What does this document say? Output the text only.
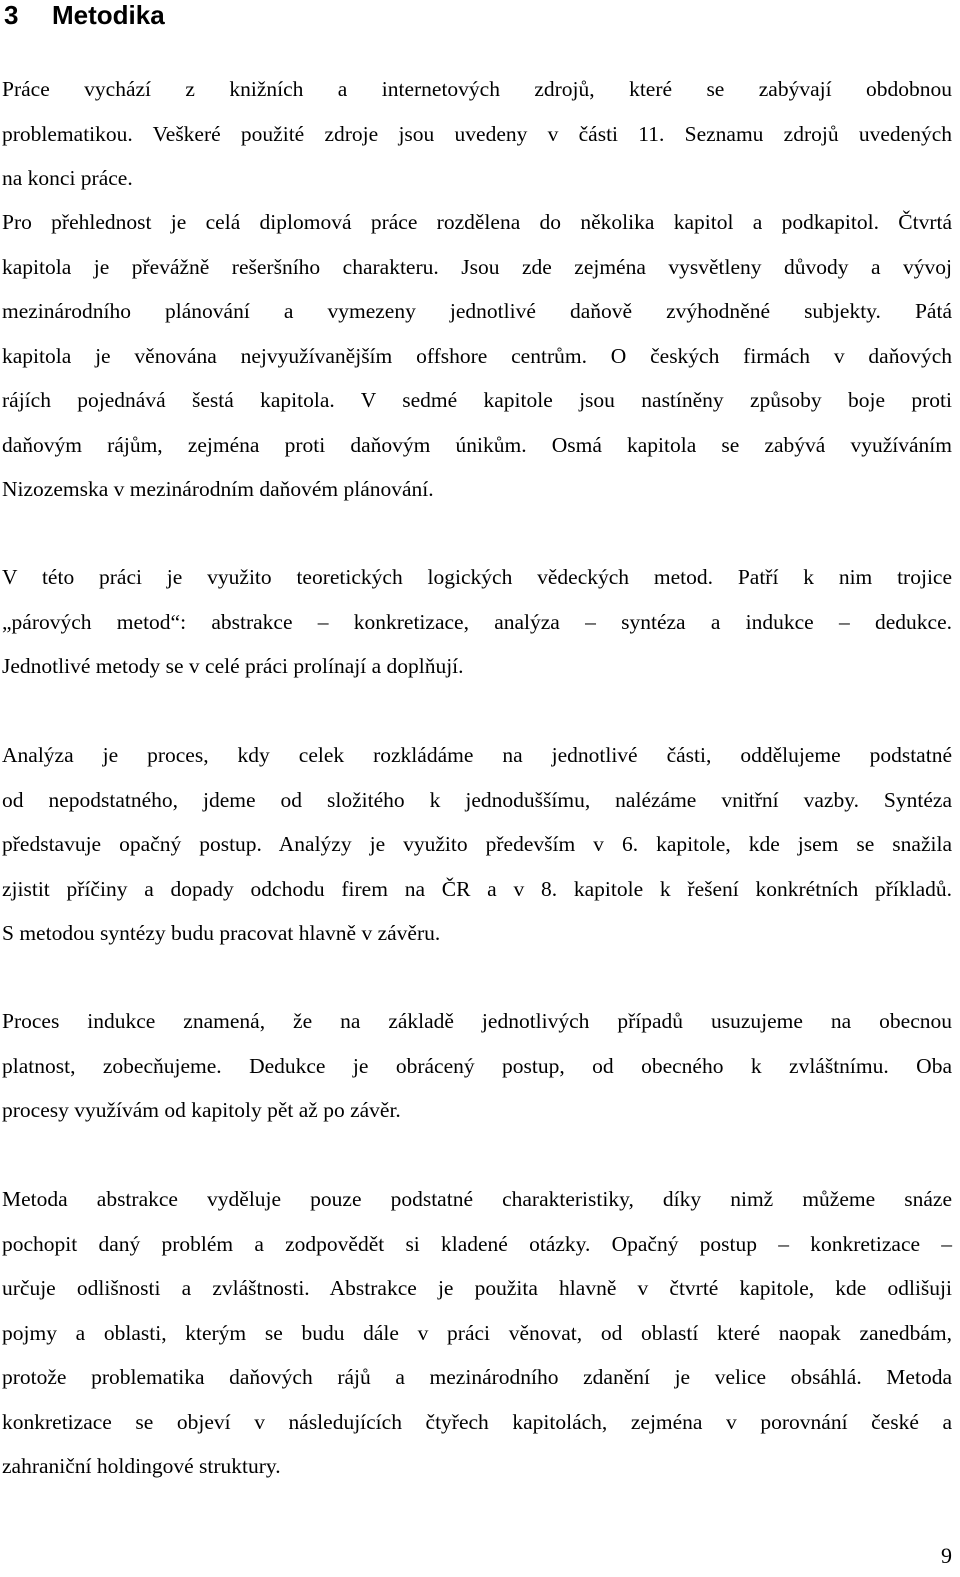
3 Metodika
Práce vychází z knižních a internetových zdrojů, které se zabývají obdobnou
problematikou. Veškeré použité zdroje jsou uvedeny v části 11. Seznamu zdrojů uvedených
na konci práce.
Pro přehlednost je celá diplomová práce rozdělena do několika kapitol a podkapitol. Čtvrtá
kapitola je převážně rešeršního charakteru. Jsou zde zejména vysvětleny důvody a vývoj
mezinárodního plánování a vymezeny jednotlivé daňově zvýhodněné subjekty. Pátá
kapitola je věnována nejvyužívanějším offshore centrům. O českých firmách v daňových
rájích pojednává šestá kapitola. V sedmé kapitole jsou nastíněny způsoby boje proti
daňovým rájům, zejména proti daňovým únikům. Osmá kapitola se zabývá využíváním
Nizozemska v mezinárodním daňovém plánování.
V této práci je využito teoretických logických vědeckých metod. Patří k nim trojice
„párových metod“: abstrakce – konkretizace, analýza – syntéza a indukce – dedukce.
Jednotlivé metody se v celé práci prolínají a doplňují.
Analýza je proces, kdy celek rozkládáme na jednotlivé části, oddělujeme podstatné
od nepodstatného, jdeme od složitého k jednoduššímu, nalézáme vnitřní vazby. Syntéza
představuje opačný postup. Analýzy je využito především v 6. kapitole, kde jsem se snažila
zjistit příčiny a dopady odchodu firem na ČR a v 8. kapitole k řešení konkrétních příkladů.
S metodou syntézy budu pracovat hlavně v závěru.
Proces indukce znamená, že na základě jednotlivých případů usuzujeme na obecnou
platnost, zobecňujeme. Dedukce je obrácený postup, od obecného k zvláštnímu. Oba
procesy využívám od kapitoly pět až po závěr.
Metoda abstrakce vyděluje pouze podstatné charakteristiky, díky nimž můžeme snáze
pochopit daný problém a zodpovědět si kladené otázky. Opačný postup – konkretizace –
určuje odlišnosti a zvláštnosti. Abstrakce je použita hlavně v čtvrté kapitole, kde odlišuji
pojmy a oblasti, kterým se budu dále v práci věnovat, od oblastí které naopak zanedbám,
protože problematika daňových rájů a mezinárodního zdanění je velice obsáhlá. Metoda
konkretizace se objeví v následujících čtyřech kapitolách, zejména v porovnání české a
zahraniční holdingové struktury.
9
